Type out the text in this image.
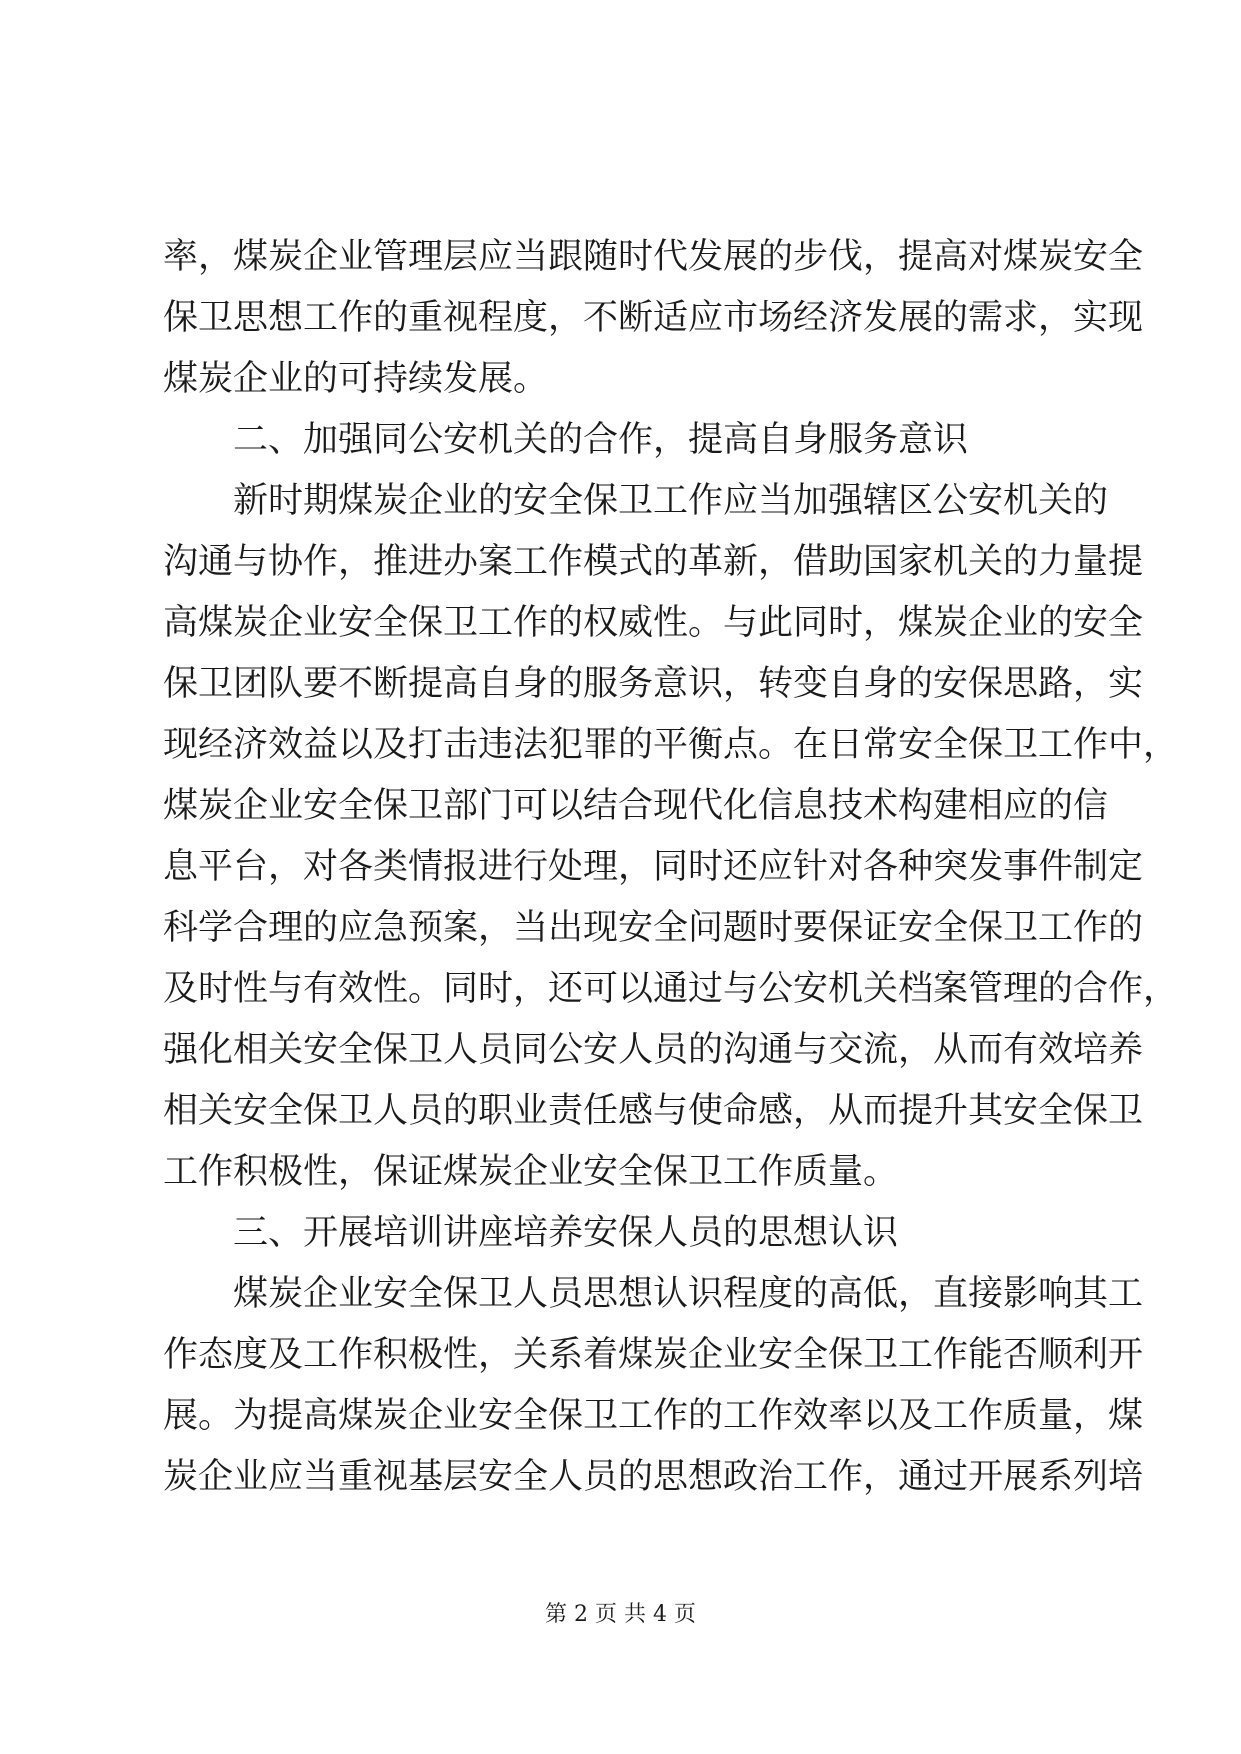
率，煤炭企业管理层应当跟随时代发展的步伐，提高对煤炭安全
保卫思想工作的重视程度，不断适应市场经济发展的需求，实现
煤炭企业的可持续发展。
二、加强同公安机关的合作，提高自身服务意识
新时期煤炭企业的安全保卫工作应当加强辖区公安机关的
沟通与协作，推进办案工作模式的革新，借助国家机关的力量提
高煤炭企业安全保卫工作的权威性。与此同时，煤炭企业的安全
保卫团队要不断提高自身的服务意识，转变自身的安保思路，实
现经济效益以及打击违法犯罪的平衡点。在日常安全保卫工作中，
煤炭企业安全保卫部门可以结合现代化信息技术构建相应的信
息平台，对各类情报进行处理，同时还应针对各种突发事件制定
科学合理的应急预案，当出现安全问题时要保证安全保卫工作的
及时性与有效性。同时，还可以通过与公安机关档案管理的合作，
强化相关安全保卫人员同公安人员的沟通与交流，从而有效培养
相关安全保卫人员的职业责任感与使命感，从而提升其安全保卫
工作积极性，保证煤炭企业安全保卫工作质量。
三、开展培训讲座培养安保人员的思想认识
煤炭企业安全保卫人员思想认识程度的高低，直接影响其工
作态度及工作积极性，关系着煤炭企业安全保卫工作能否顺利开
展。为提高煤炭企业安全保卫工作的工作效率以及工作质量，煤
炭企业应当重视基层安全人员的思想政治工作，通过开展系列培
第 2 页 共 4 页
